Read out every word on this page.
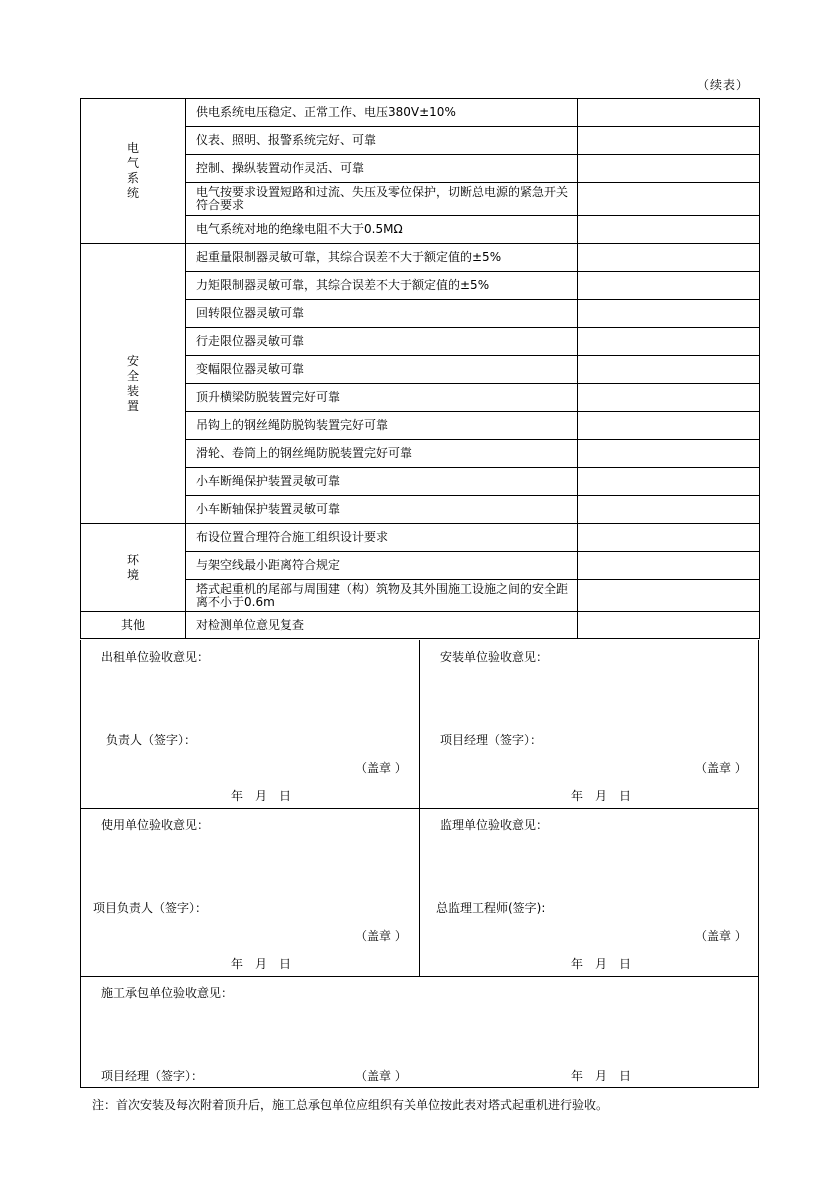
（续表）
电气系统	供电系统电压稳定、正常工作、电压380V±10%	
	仪表、照明、报警系统完好、可靠	
	控制、操纵装置动作灵活、可靠	
	电气按要求设置短路和过流、失压及零位保护，切断总电源的紧急开关符合要求	
	电气系统对地的绝缘电阻不大于0.5MΩ	
安全装置	起重量限制器灵敏可靠，其综合误差不大于额定值的±5%	
	力矩限制器灵敏可靠，其综合误差不大于额定值的±5%	
	回转限位器灵敏可靠	
	行走限位器灵敏可靠	
	变幅限位器灵敏可靠	
	顶升横梁防脱装置完好可靠	
	吊钩上的钢丝绳防脱钩装置完好可靠	
	滑轮、卷筒上的钢丝绳防脱装置完好可靠	
	小车断绳保护装置灵敏可靠	
	小车断轴保护装置灵敏可靠	
环境	布设位置合理符合施工组织设计要求	
	与架空线最小距离符合规定	
	塔式起重机的尾部与周围建（构）筑物及其外围施工设施之间的安全距离不小于0.6m	
其他	对检测单位意见复查	
出租单位验收意见：
负责人（签字）：
（盖章 ）
年　月　日
安装单位验收意见：
项目经理（签字）：
（盖章 ）
年　月　日
使用单位验收意见：
项目负责人（签字）：
（盖章 ）
年　月　日
监理单位验收意见：
总监理工程师(签字):
（盖章 ）
年　月　日
施工承包单位验收意见：
项目经理（签字）：	（盖章 ）	年　月　日
注：首次安装及每次附着顶升后，施工总承包单位应组织有关单位按此表对塔式起重机进行验收。
